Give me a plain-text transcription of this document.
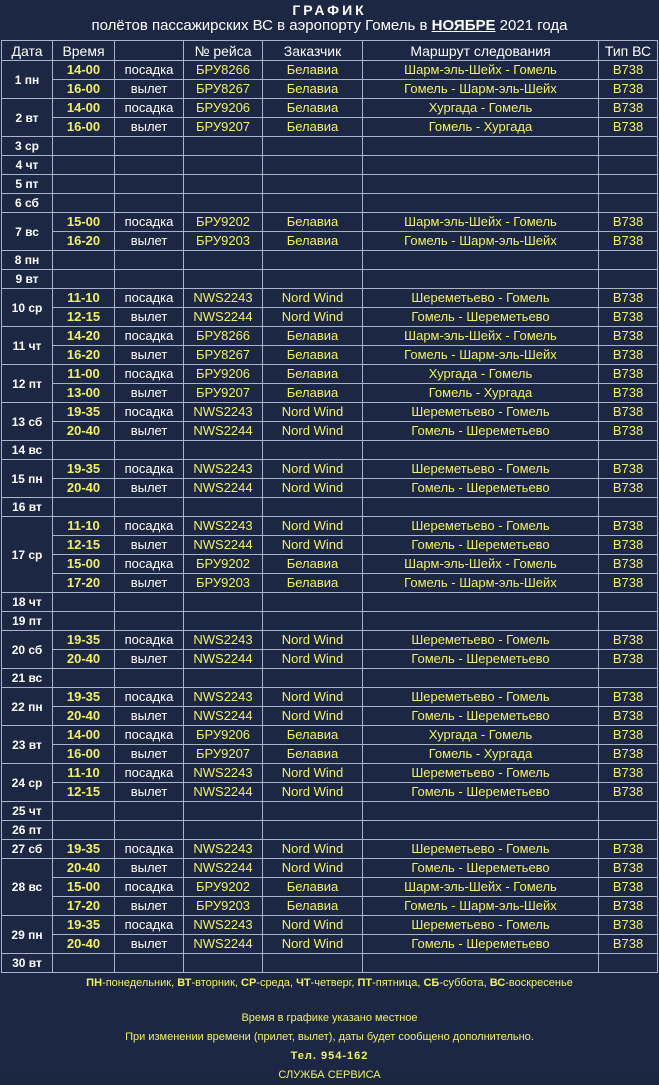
ГРАФИК
полётов пассажирских ВС в аэропорту Гомель в НОЯБРЕ 2021 года
Дата	Время		№ рейса	Заказчик	Маршрут следования	Тип ВС
1 пн	14-00	посадка	БРУ8266	Белавиа	Шарм-эль-Шейх - Гомель	B738
	16-00	вылет	БРУ8267	Белавиа	Гомель - Шарм-эль-Шейх	B738
2 вт	14-00	посадка	БРУ9206	Белавиа	Хургада - Гомель	B738
	16-00	вылет	БРУ9207	Белавиа	Гомель - Хургада	B738
3 ср						
4 чт						
5 пт						
6 сб						
7 вс	15-00	посадка	БРУ9202	Белавиа	Шарм-эль-Шейх - Гомель	B738
	16-20	вылет	БРУ9203	Белавиа	Гомель - Шарм-эль-Шейх	B738
8 пн						
9 вт						
10 ср	11-10	посадка	NWS2243	Nord Wind	Шереметьево - Гомель	B738
	12-15	вылет	NWS2244	Nord Wind	Гомель - Шереметьево	B738
11 чт	14-20	посадка	БРУ8266	Белавиа	Шарм-эль-Шейх - Гомель	B738
	16-20	вылет	БРУ8267	Белавиа	Гомель - Шарм-эль-Шейх	B738
12 пт	11-00	посадка	БРУ9206	Белавиа	Хургада - Гомель	B738
	13-00	вылет	БРУ9207	Белавиа	Гомель - Хургада	B738
13 сб	19-35	посадка	NWS2243	Nord Wind	Шереметьево - Гомель	B738
	20-40	вылет	NWS2244	Nord Wind	Гомель - Шереметьево	B738
14 вс						
15 пн	19-35	посадка	NWS2243	Nord Wind	Шереметьево - Гомель	B738
	20-40	вылет	NWS2244	Nord Wind	Гомель - Шереметьево	B738
16 вт						
17 ср	11-10	посадка	NWS2243	Nord Wind	Шереметьево - Гомель	B738
	12-15	вылет	NWS2244	Nord Wind	Гомель - Шереметьево	B738
	15-00	посадка	БРУ9202	Белавиа	Шарм-эль-Шейх - Гомель	B738
	17-20	вылет	БРУ9203	Белавиа	Гомель - Шарм-эль-Шейх	B738
18 чт						
19 пт						
20 сб	19-35	посадка	NWS2243	Nord Wind	Шереметьево - Гомель	B738
	20-40	вылет	NWS2244	Nord Wind	Гомель - Шереметьево	B738
21 вс						
22 пн	19-35	посадка	NWS2243	Nord Wind	Шереметьево - Гомель	B738
	20-40	вылет	NWS2244	Nord Wind	Гомель - Шереметьево	B738
23 вт	14-00	посадка	БРУ9206	Белавиа	Хургада - Гомель	B738
	16-00	вылет	БРУ9207	Белавиа	Гомель - Хургада	B738
24 ср	11-10	посадка	NWS2243	Nord Wind	Шереметьево - Гомель	B738
	12-15	вылет	NWS2244	Nord Wind	Гомель - Шереметьево	B738
25 чт						
26 пт						
27 сб	19-35	посадка	NWS2243	Nord Wind	Шереметьево - Гомель	B738
28 вс	20-40	вылет	NWS2244	Nord Wind	Гомель - Шереметьево	B738
	15-00	посадка	БРУ9202	Белавиа	Шарм-эль-Шейх - Гомель	B738
	17-20	вылет	БРУ9203	Белавиа	Гомель - Шарм-эль-Шейх	B738
29 пн	19-35	посадка	NWS2243	Nord Wind	Шереметьево - Гомель	B738
	20-40	вылет	NWS2244	Nord Wind	Гомель - Шереметьево	B738
30 вт						
ПН-понедельник, ВТ-вторник, СР-среда, ЧТ-четверг, ПТ-пятница, СБ-суббота, ВС-воскресенье
Время в графике указано местное
При изменении времени (прилет, вылет), даты будет сообщено дополнительно.
Тел. 954-162
СЛУЖБА СЕРВИСА
